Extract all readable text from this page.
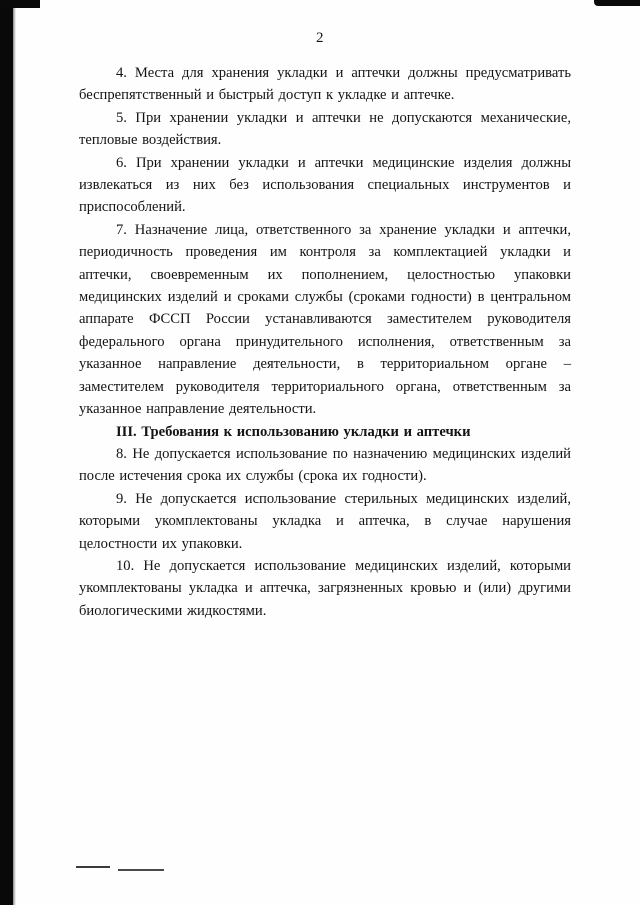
2

4. Места для хранения укладки и аптечки должны предусматривать беспрепятственный и быстрый доступ к укладке и аптечке.

5. При хранении укладки и аптечки не допускаются механические, тепловые воздействия.

6. При хранении укладки и аптечки медицинские изделия должны извлекаться из них без использования специальных инструментов и приспособлений.

7. Назначение лица, ответственного за хранение укладки и аптечки, периодичность проведения им контроля за комплектацией укладки и аптечки, своевременным их пополнением, целостностью упаковки медицинских изделий и сроками службы (сроками годности) в центральном аппарате ФССП России устанавливаются заместителем руководителя федерального органа принудительного исполнения, ответственным за указанное направление деятельности, в территориальном органе – заместителем руководителя территориального органа, ответственным за указанное направление деятельности.

III. Требования к использованию укладки и аптечки

8. Не допускается использование по назначению медицинских изделий после истечения срока их службы (срока их годности).

9. Не допускается использование стерильных медицинских изделий, которыми укомплектованы укладка и аптечка, в случае нарушения целостности их упаковки.

10. Не допускается использование медицинских изделий, которыми укомплектованы укладка и аптечка, загрязненных кровью и (или) другими биологическими жидкостями.
